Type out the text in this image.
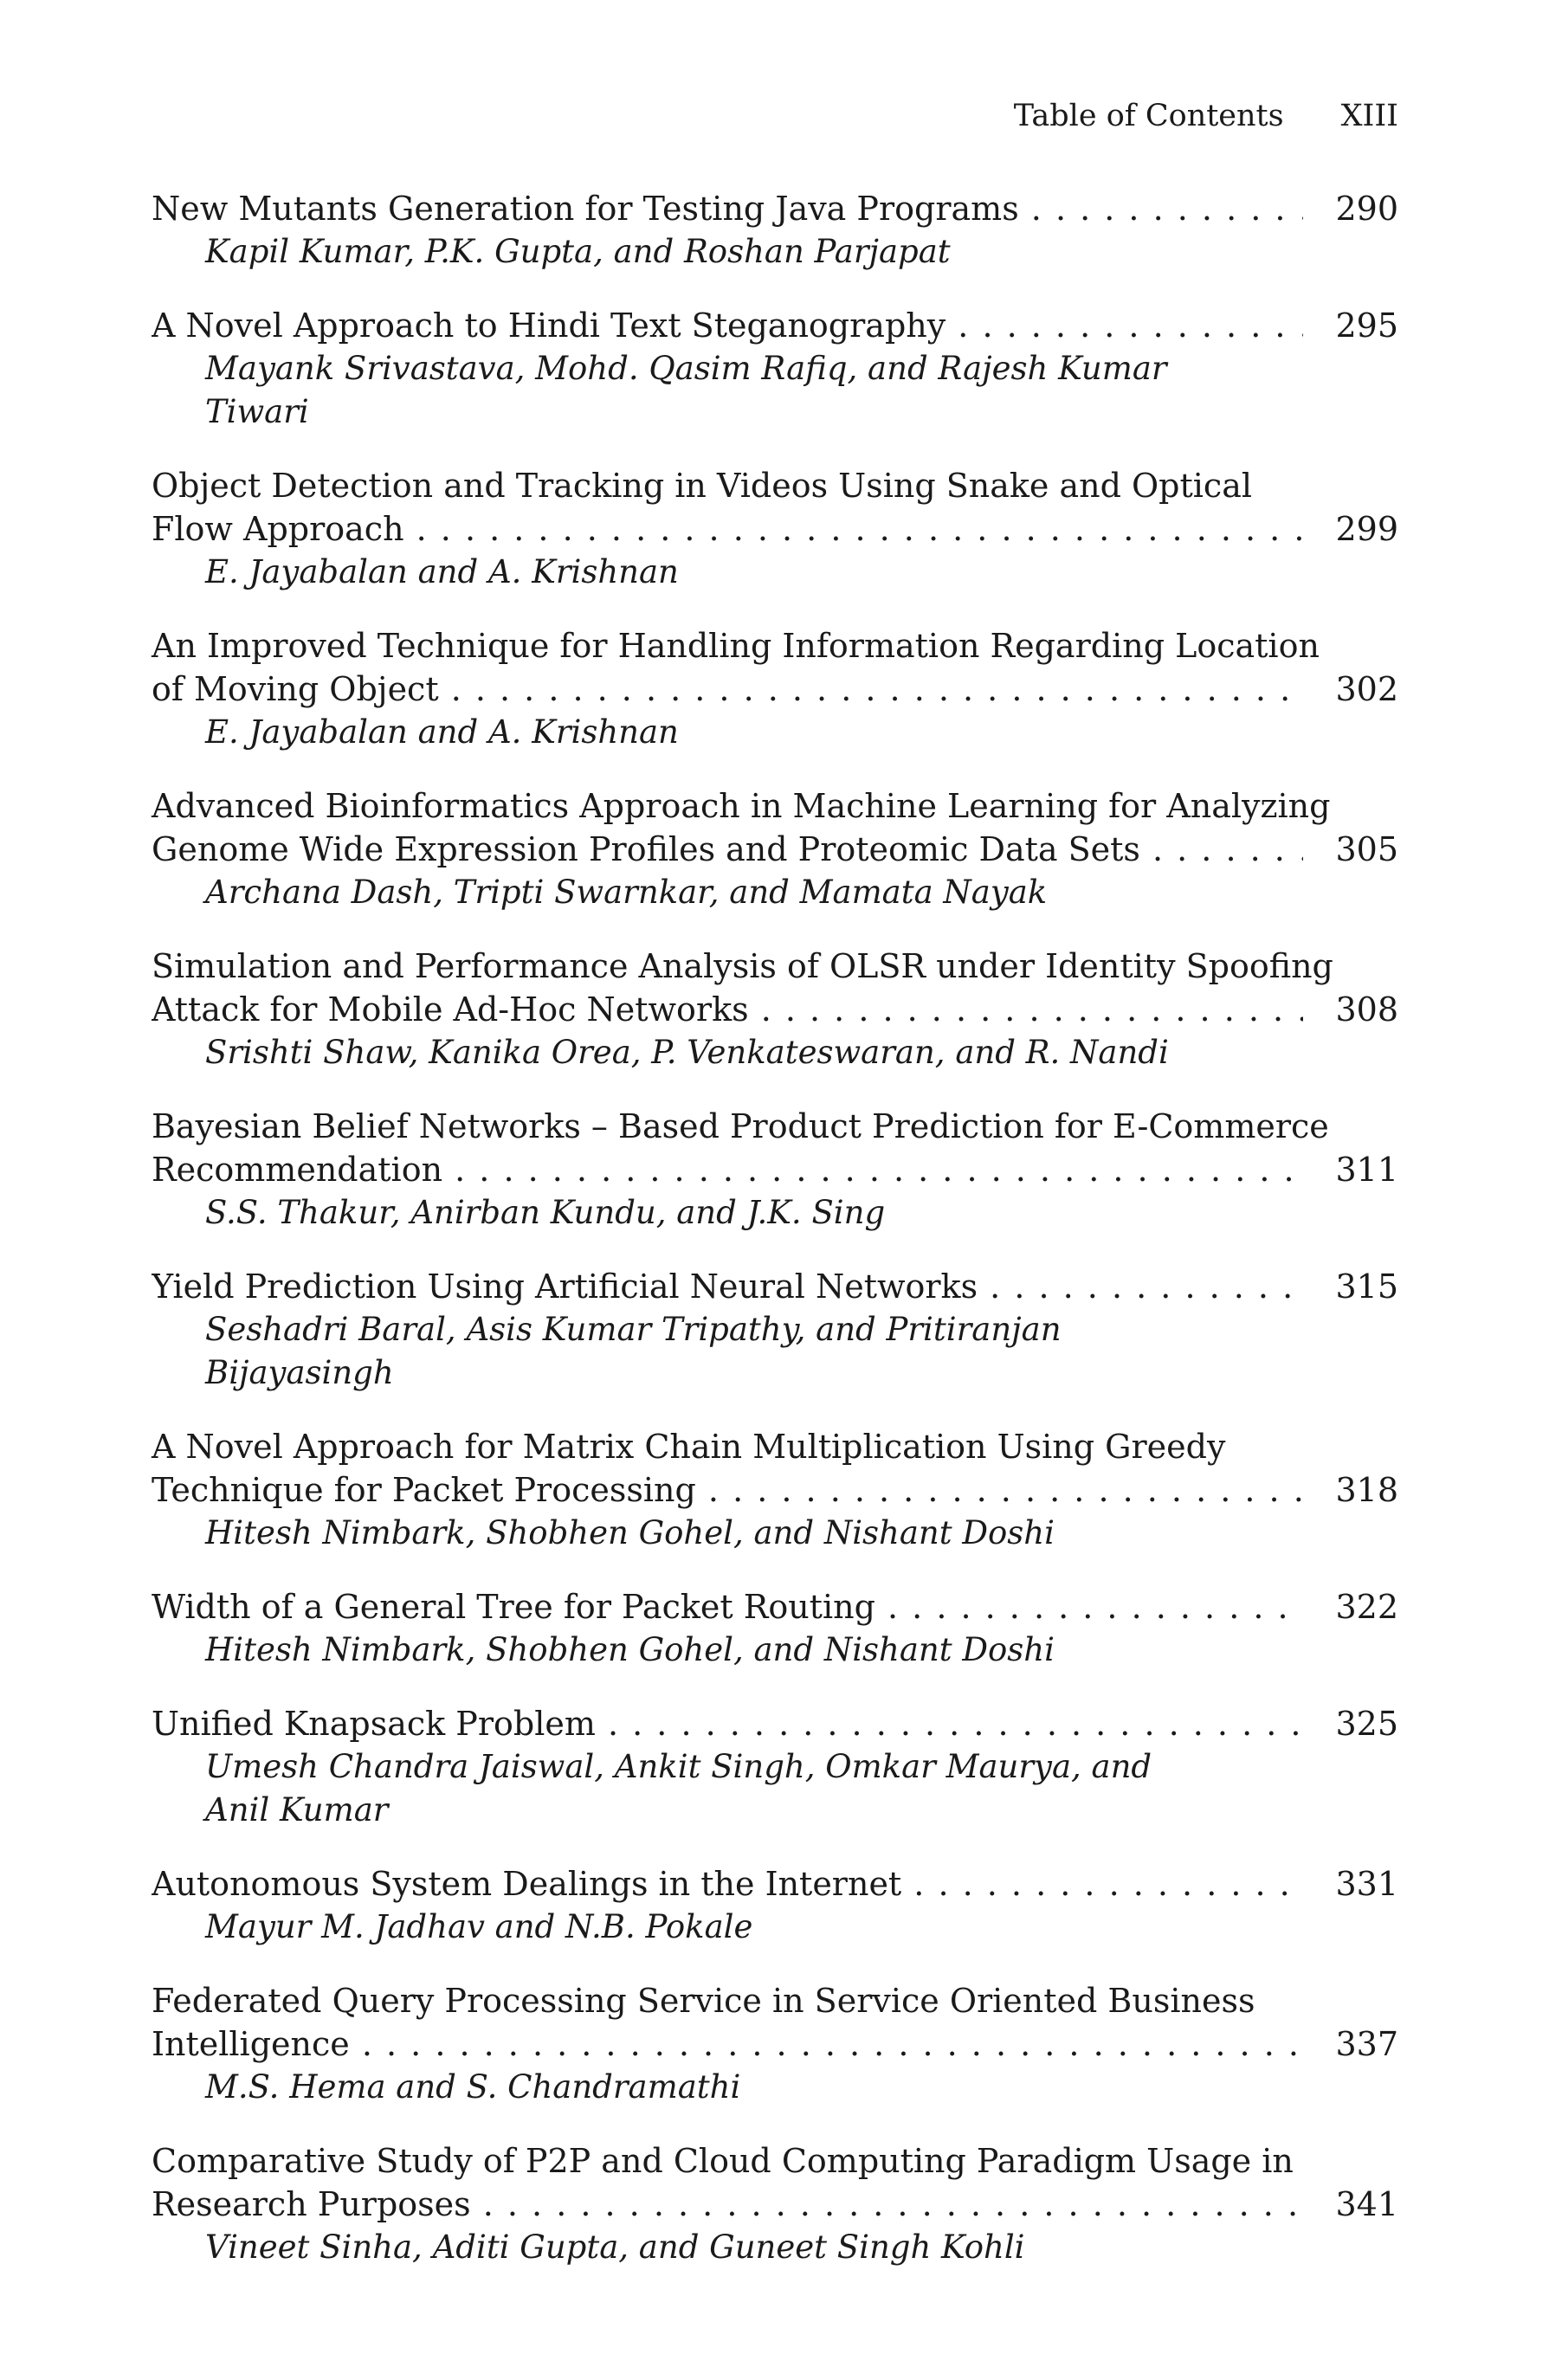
Table of Contents XIII
New Mutants Generation for Testing Java Programs . . .	290
Kapil Kumar, P.K. Gupta, and Roshan Parjapat
A Novel Approach to Hindi Text Steganography . . .	295
Mayank Srivastava, Mohd. Qasim Rafiq, and Rajesh Kumar Tiwari
Object Detection and Tracking in Videos Using Snake and Optical
Flow Approach . . .	299
E. Jayabalan and A. Krishnan
An Improved Technique for Handling Information Regarding Location
of Moving Object . . .	302
E. Jayabalan and A. Krishnan
Advanced Bioinformatics Approach in Machine Learning for Analyzing
Genome Wide Expression Profiles and Proteomic Data Sets . . .	305
Archana Dash, Tripti Swarnkar, and Mamata Nayak
Simulation and Performance Analysis of OLSR under Identity Spoofing
Attack for Mobile Ad-Hoc Networks . . .	308
Srishti Shaw, Kanika Orea, P. Venkateswaran, and R. Nandi
Bayesian Belief Networks – Based Product Prediction for E-Commerce
Recommendation . . .	311
S.S. Thakur, Anirban Kundu, and J.K. Sing
Yield Prediction Using Artificial Neural Networks . . .	315
Seshadri Baral, Asis Kumar Tripathy, and Pritiranjan Bijayasingh
A Novel Approach for Matrix Chain Multiplication Using Greedy
Technique for Packet Processing . . .	318
Hitesh Nimbark, Shobhen Gohel, and Nishant Doshi
Width of a General Tree for Packet Routing . . .	322
Hitesh Nimbark, Shobhen Gohel, and Nishant Doshi
Unified Knapsack Problem . . .	325
Umesh Chandra Jaiswal, Ankit Singh, Omkar Maurya, and Anil Kumar
Autonomous System Dealings in the Internet . . .	331
Mayur M. Jadhav and N.B. Pokale
Federated Query Processing Service in Service Oriented Business
Intelligence . . .	337
M.S. Hema and S. Chandramathi
Comparative Study of P2P and Cloud Computing Paradigm Usage in
Research Purposes . . .	341
Vineet Sinha, Aditi Gupta, and Guneet Singh Kohli
